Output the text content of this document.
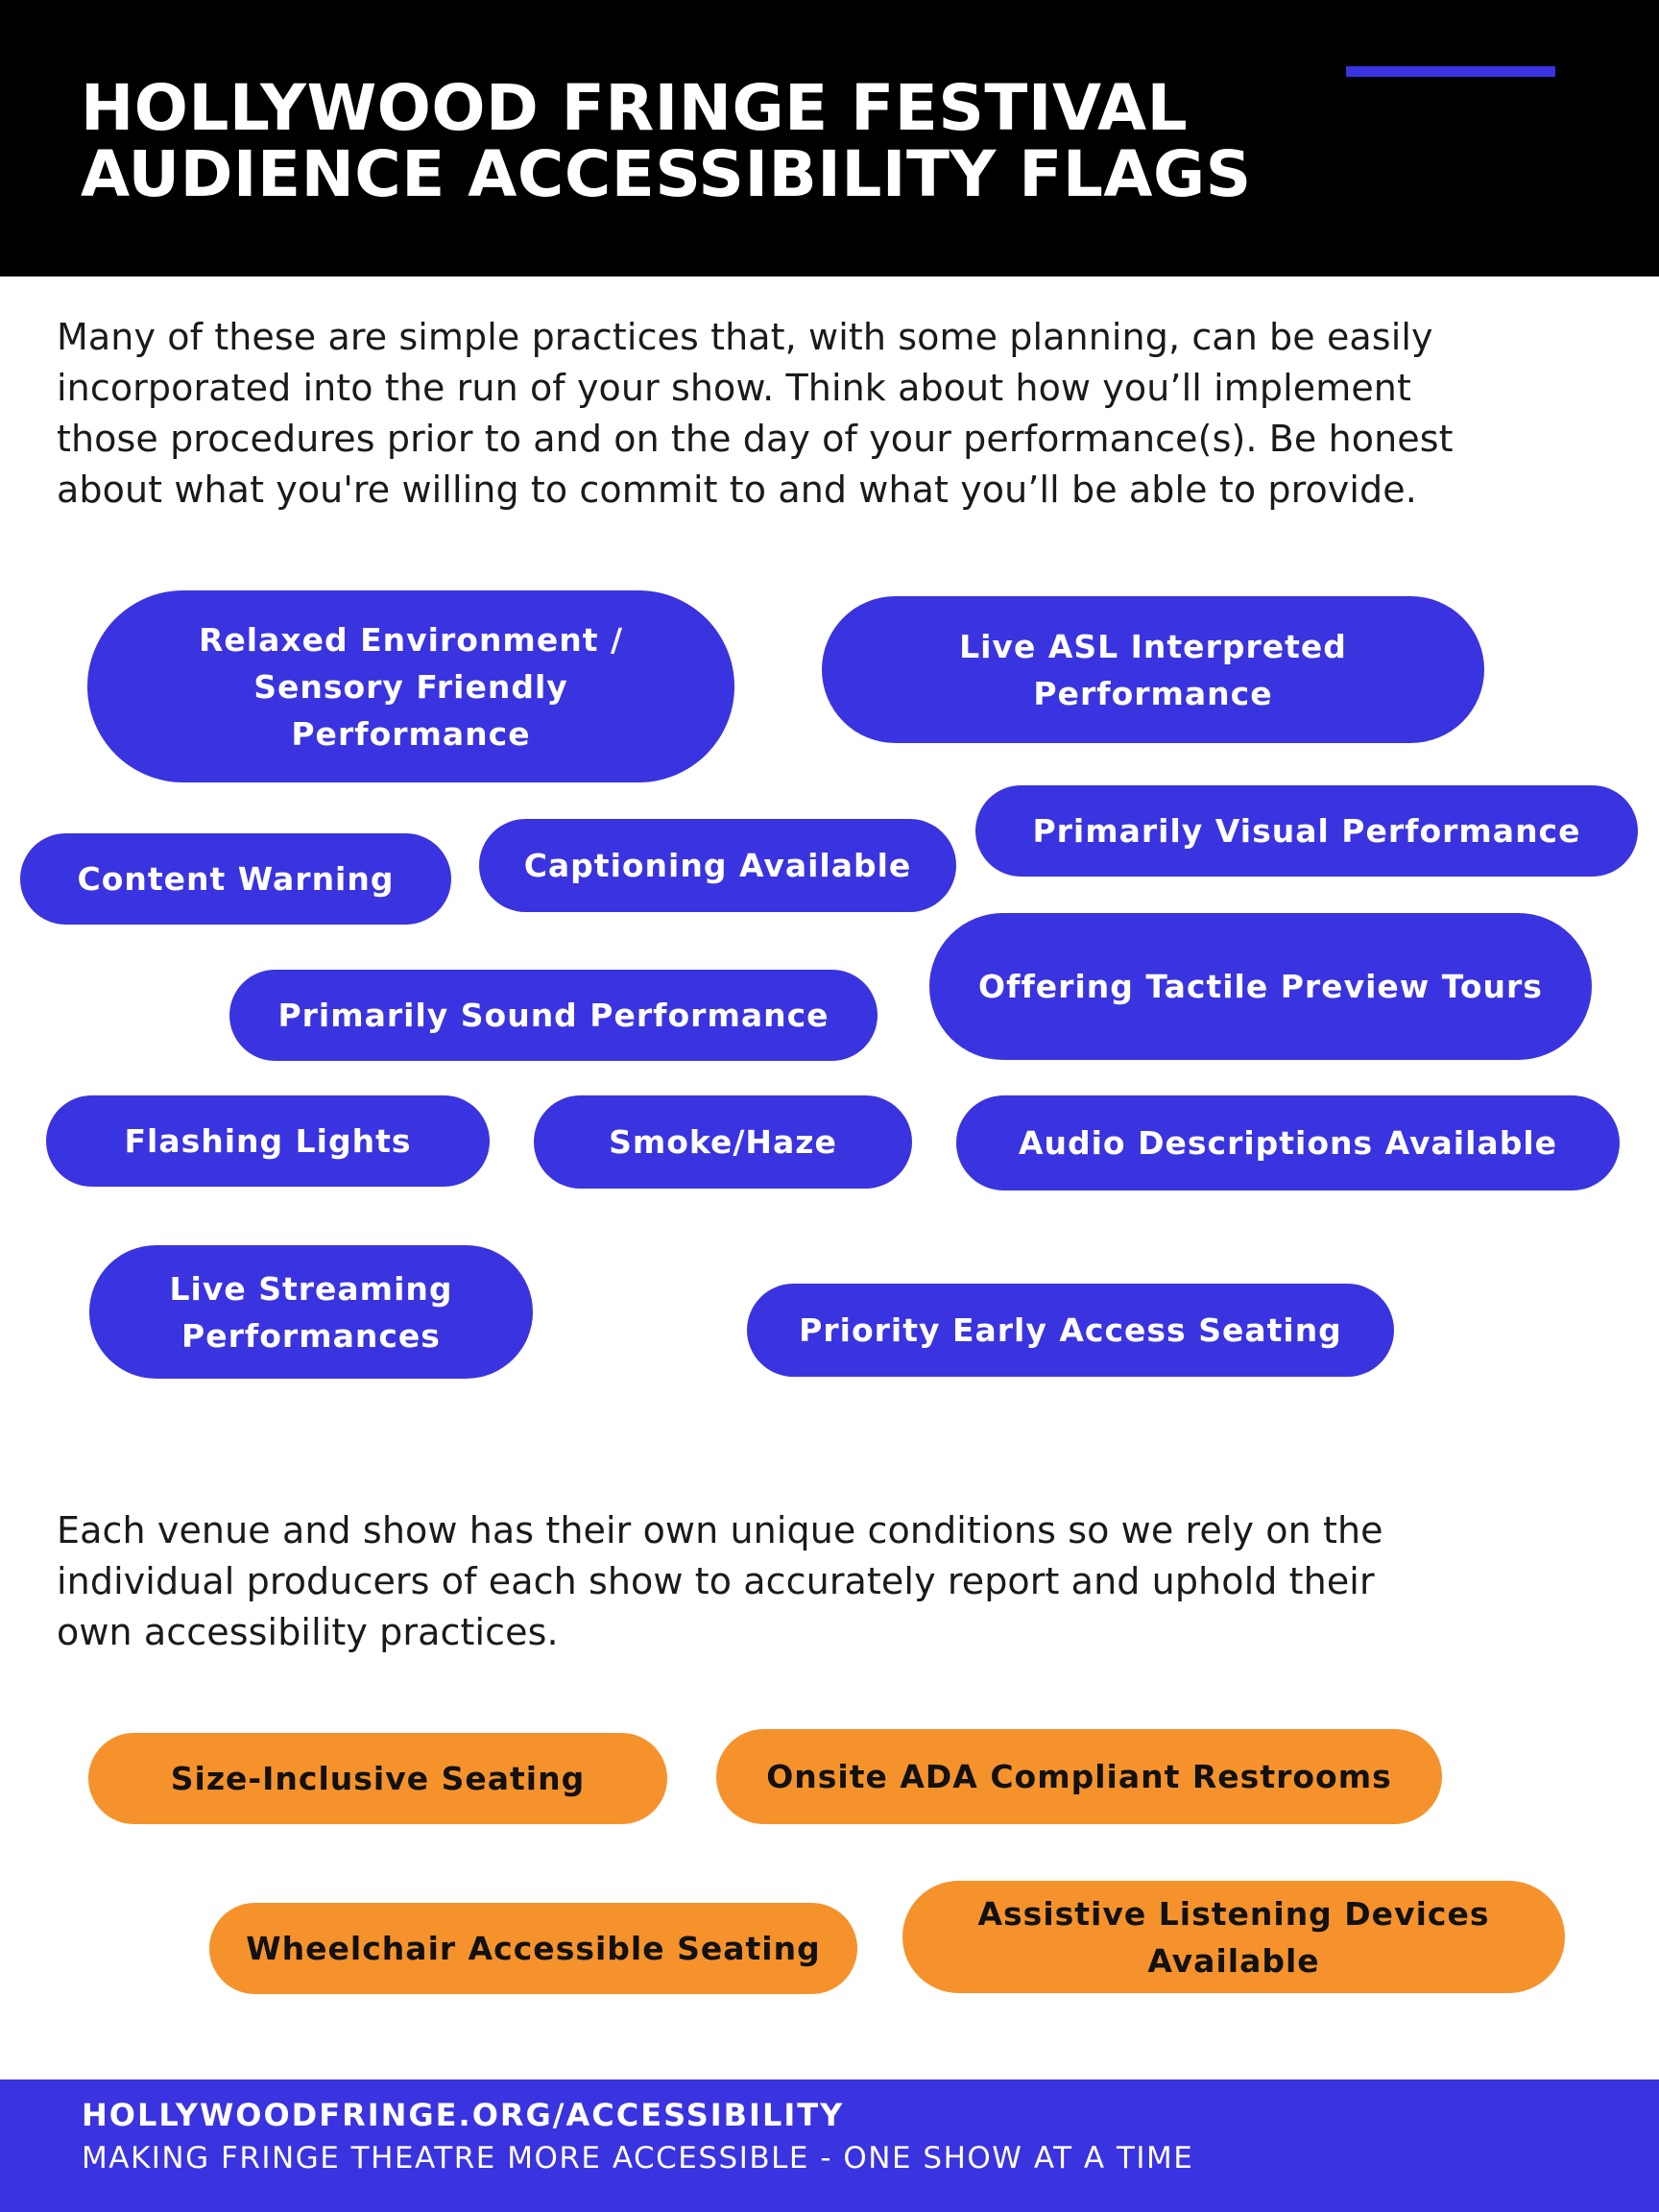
HOLLYWOOD FRINGE FESTIVAL
AUDIENCE ACCESSIBILITY FLAGS

Many of these are simple practices that, with some planning, can be easily
incorporated into the run of your show. Think about how you’ll implement
those procedures prior to and on the day of your performance(s). Be honest
about what you're willing to commit to and what you’ll be able to provide.

Relaxed Environment /
Sensory Friendly
Performance
Live ASL Interpreted
Performance
Primarily Visual Performance
Content Warning	Captioning Available
Offering Tactile Preview Tours
Primarily Sound Performance
Flashing Lights	Smoke/Haze	Audio Descriptions Available
Live Streaming
Performances	Priority Early Access Seating

Each venue and show has their own unique conditions so we rely on the
individual producers of each show to accurately report and uphold their
own accessibility practices.

Size-Inclusive Seating	Onsite ADA Compliant Restrooms
Wheelchair Accessible Seating
Assistive Listening Devices
Available
HOLLYWOODFRINGE.ORG/ACCESSIBILITY
MAKING FRINGE THEATRE MORE ACCESSIBLE - ONE SHOW AT A TIME
